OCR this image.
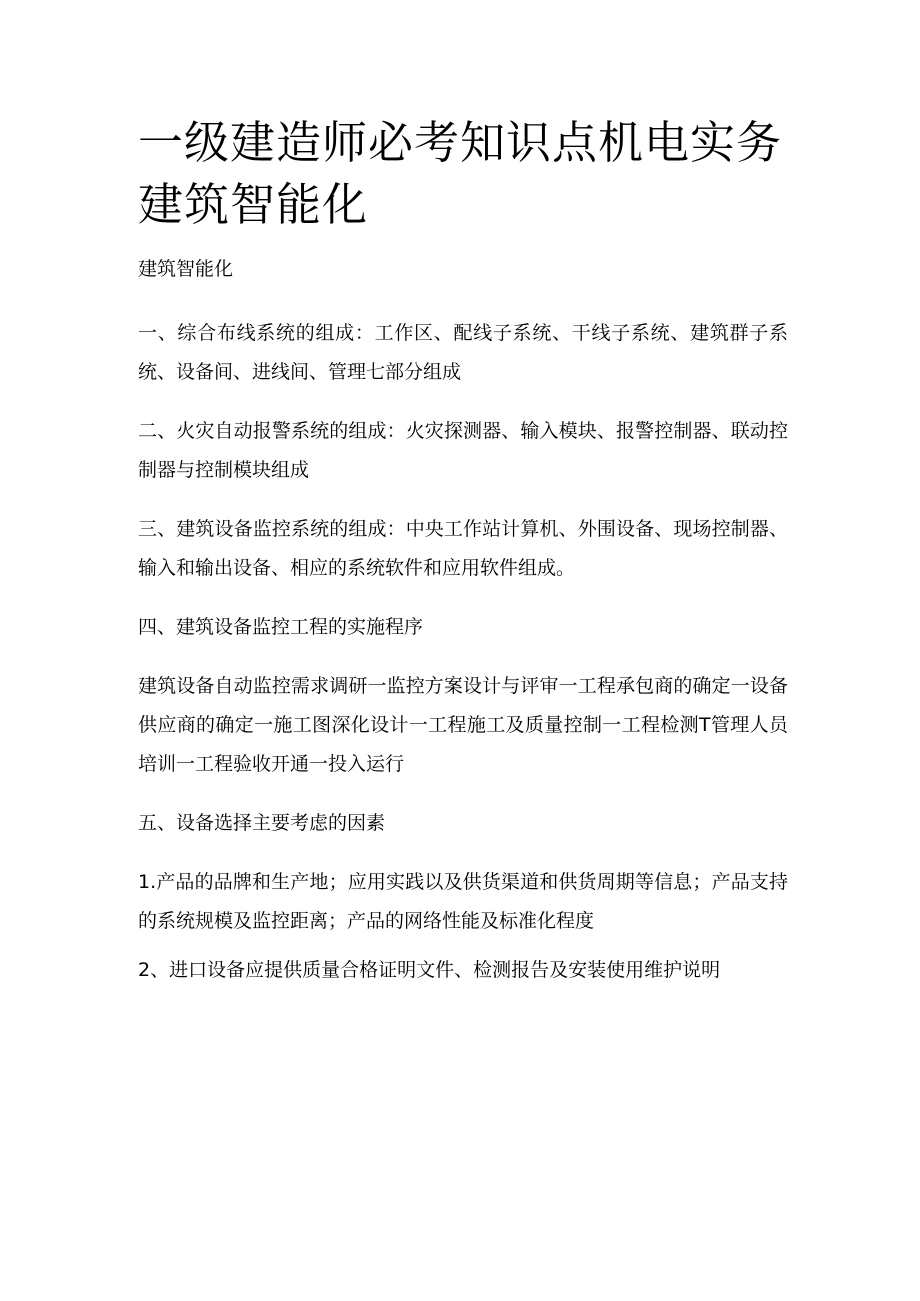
一级建造师必考知识点机电实务建筑智能化

建筑智能化

一、综合布线系统的组成：工作区、配线子系统、干线子系统、建筑群子系统、设备间、进线间、管理七部分组成

二、火灾自动报警系统的组成：火灾探测器、输入模块、报警控制器、联动控制器与控制模块组成

三、建筑设备监控系统的组成：中央工作站计算机、外围设备、现场控制器、输入和输出设备、相应的系统软件和应用软件组成。

四、建筑设备监控工程的实施程序

建筑设备自动监控需求调研一监控方案设计与评审一工程承包商的确定一设备供应商的确定一施工图深化设计一工程施工及质量控制一工程检测T管理人员培训一工程验收开通一投入运行

五、设备选择主要考虑的因素

1.产品的品牌和生产地；应用实践以及供货渠道和供货周期等信息；产品支持的系统规模及监控距离；产品的网络性能及标准化程度

2、进口设备应提供质量合格证明文件、检测报告及安装使用维护说明
